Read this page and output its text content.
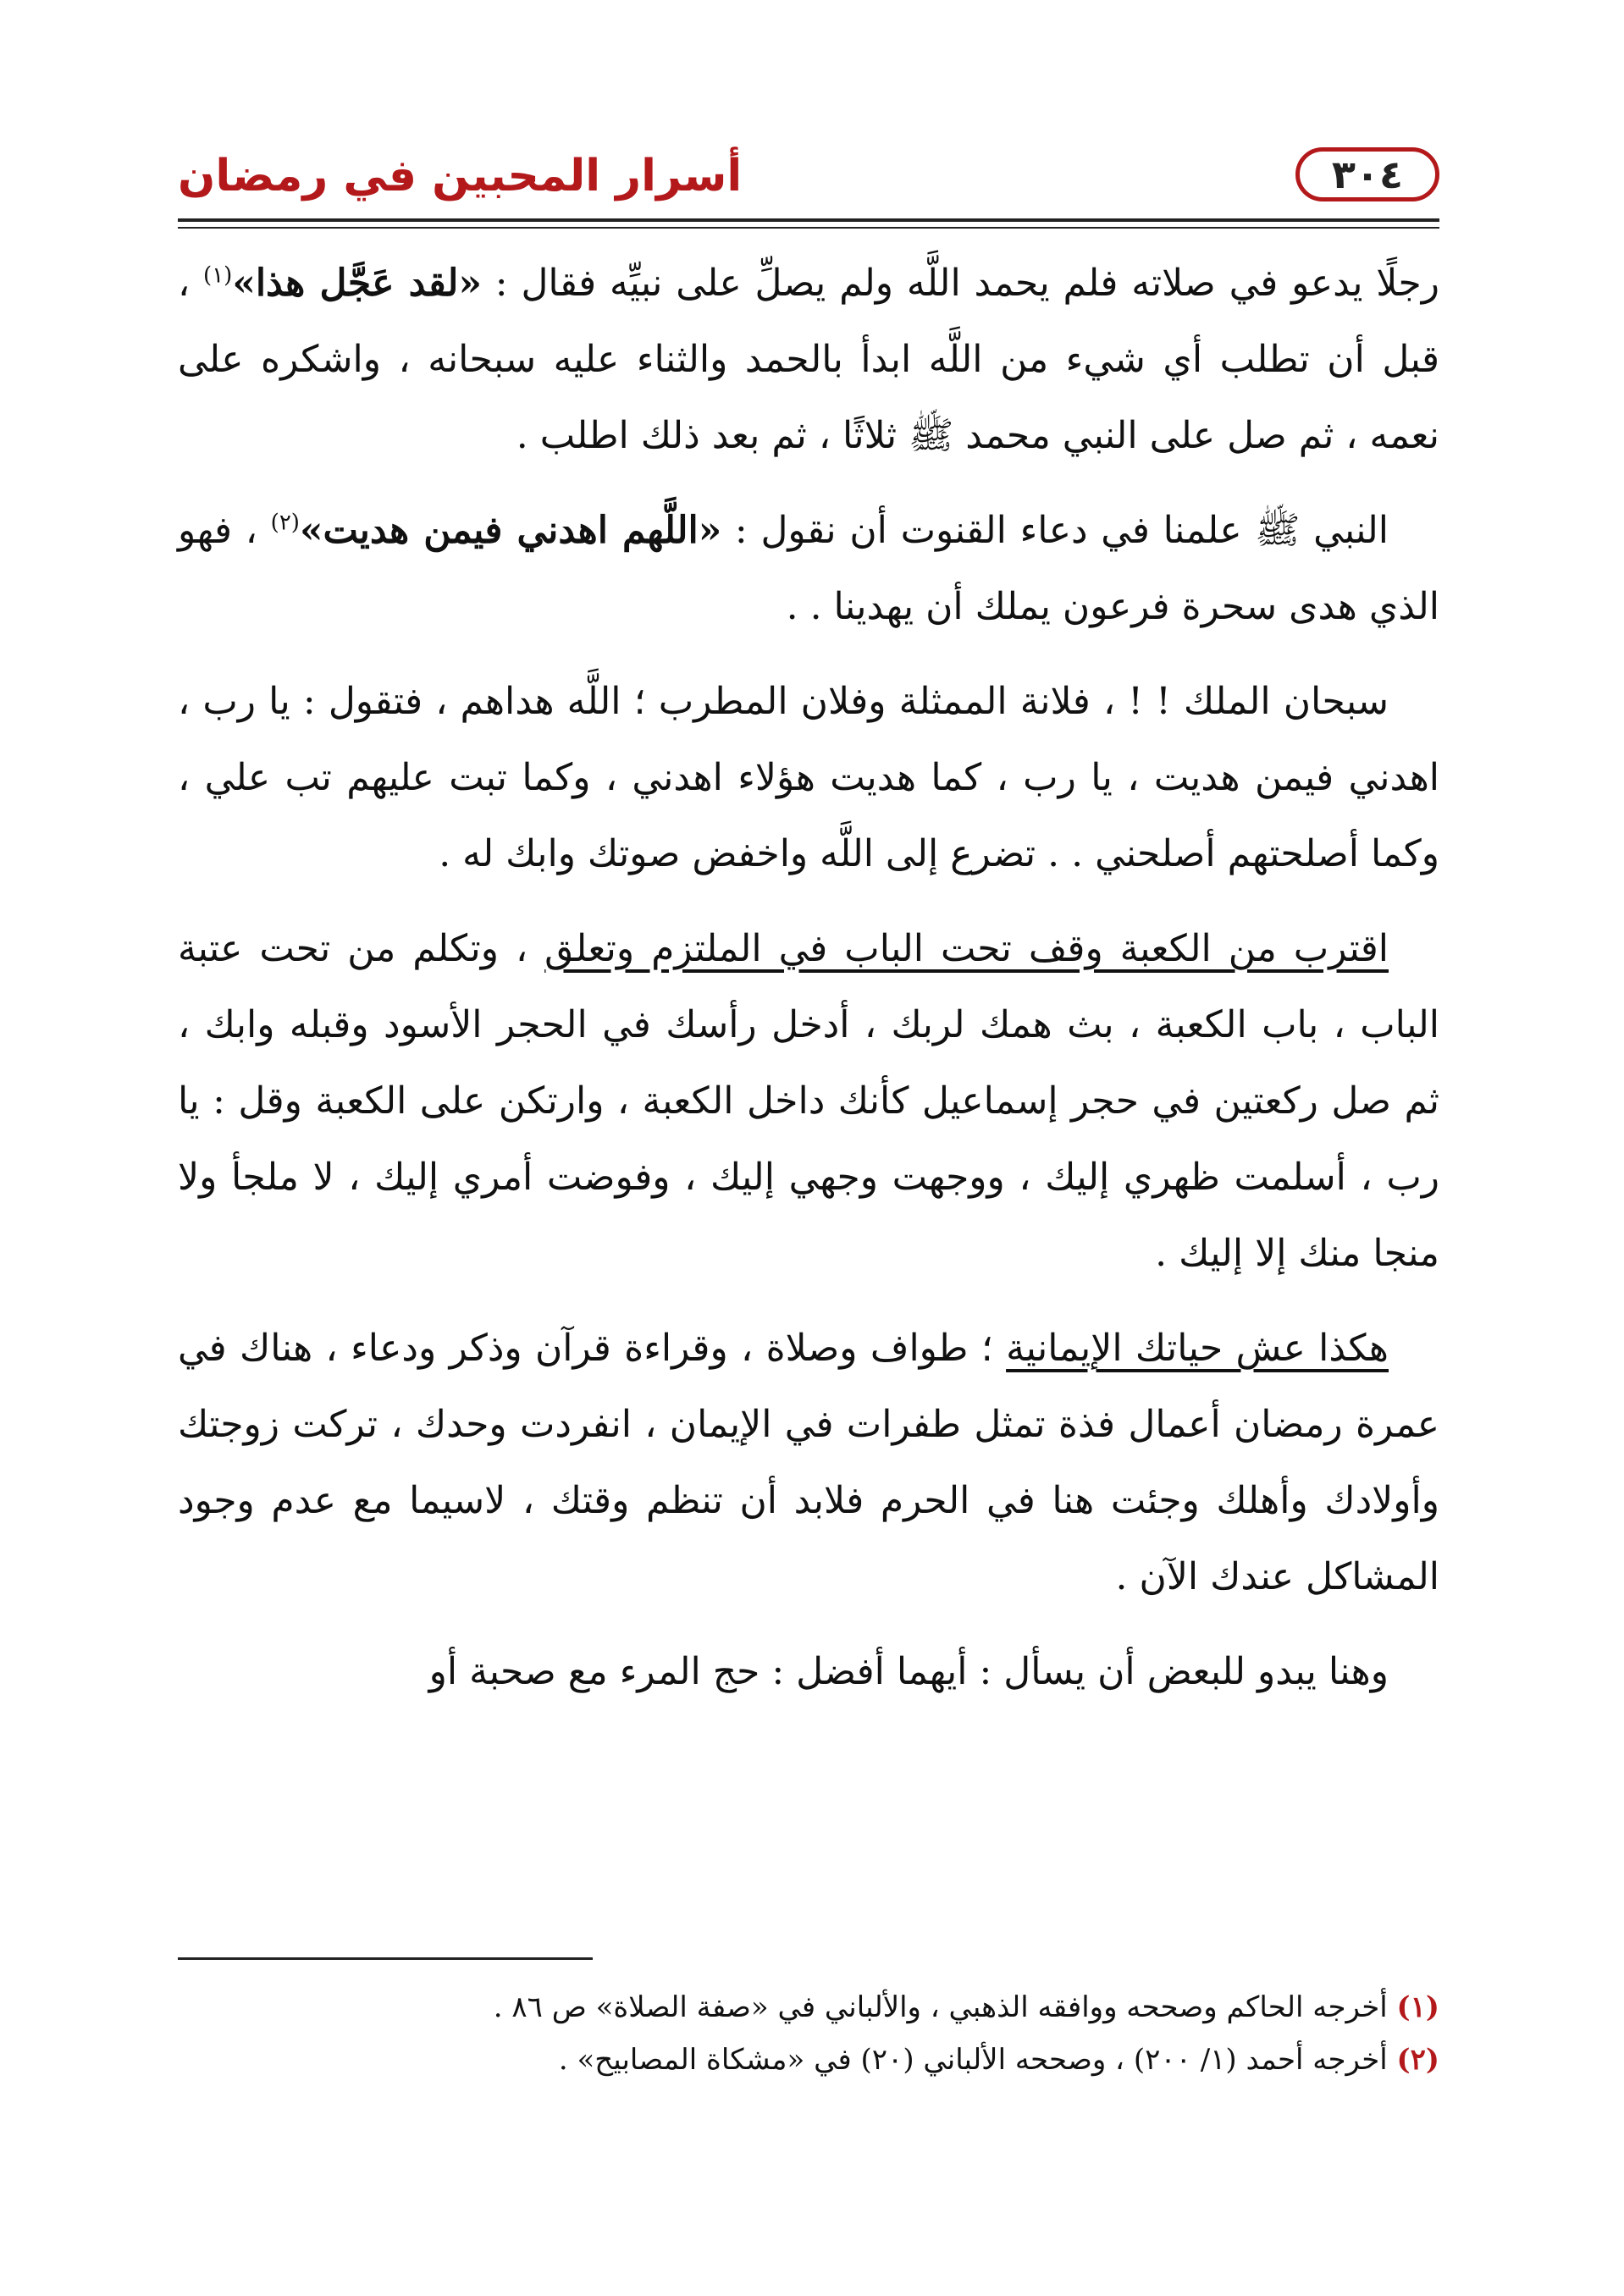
أسرار المحبين في رمضان	٣٠٤

رجلًا يدعو في صلاته فلم يحمد اللَّه ولم يصلِّ على نبيِّه فقال : «لقد عَجَّل هذا»$^{(١)}$ ، قبل أن تطلب أي شيء من اللَّه ابدأ بالحمد والثناء عليه سبحانه ، واشكره على نعمه ، ثم صل على النبي محمد ﷺ ثلاثًا ، ثم بعد ذلك اطلب .

النبي ﷺ علمنا في دعاء القنوت أن نقول : «اللَّهم اهدني فيمن هديت»$^{(٢)}$ ، فهو الذي هدى سحرة فرعون يملك أن يهدينا . .

سبحان الملك ! ! ، فلانة الممثلة وفلان المطرب ؛ اللَّه هداهم ، فتقول : يا رب ، اهدني فيمن هديت ، يا رب ، كما هديت هؤلاء اهدني ، وكما تبت عليهم تب علي ، وكما أصلحتهم أصلحني . . تضرع إلى اللَّه واخفض صوتك وابك له .

اقترب من الكعبة وقف تحت الباب في الملتزم وتعلق ، وتكلم من تحت عتبة الباب ، باب الكعبة ، بث همك لربك ، أدخل رأسك في الحجر الأسود وقبله وابك ، ثم صل ركعتين في حجر إسماعيل كأنك داخل الكعبة ، وارتكن على الكعبة وقل : يا رب ، أسلمت ظهري إليك ، ووجهت وجهي إليك ، وفوضت أمري إليك ، لا ملجأ ولا منجا منك إلا إليك .

هكذا عش حياتك الإيمانية ؛ طواف وصلاة ، وقراءة قرآن وذكر ودعاء ، هناك في عمرة رمضان أعمال فذة تمثل طفرات في الإيمان ، انفردت وحدك ، تركت زوجتك وأولادك وأهلك وجئت هنا في الحرم فلابد أن تنظم وقتك ، لاسيما مع عدم وجود المشاكل عندك الآن .

وهنا يبدو للبعض أن يسأل : أيهما أفضل : حج المرء مع صحبة أو

(١) أخرجه الحاكم وصححه ووافقه الذهبي ، والألباني في «صفة الصلاة» ص ٨٦ .
(٢) أخرجه أحمد (١/ ٢٠٠) ، وصححه الألباني (٢٠) في «مشكاة المصابيح» .
